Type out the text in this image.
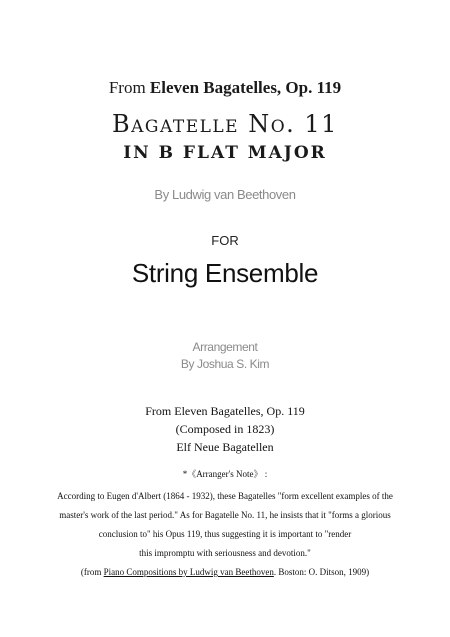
From Eleven Bagatelles, Op. 119
Bagatelle No. 11
IN B FLAT MAJOR
By Ludwig van Beethoven
FOR
String Ensemble
Arrangement
By Joshua S. Kim
From Eleven Bagatelles, Op. 119
(Composed in 1823)
Elf Neue Bagatellen
*《Arranger's Note》 :
According to Eugen d'Albert (1864 - 1932), these Bagatelles "form excellent examples of the
master's work of the last period." As for Bagatelle No. 11, he insists that it "forms a glorious
conclusion to" his Opus 119, thus suggesting it is important to "render
this impromptu with seriousness and devotion."
(from Piano Compositions by Ludwig van Beethoven. Boston: O. Ditson, 1909)
